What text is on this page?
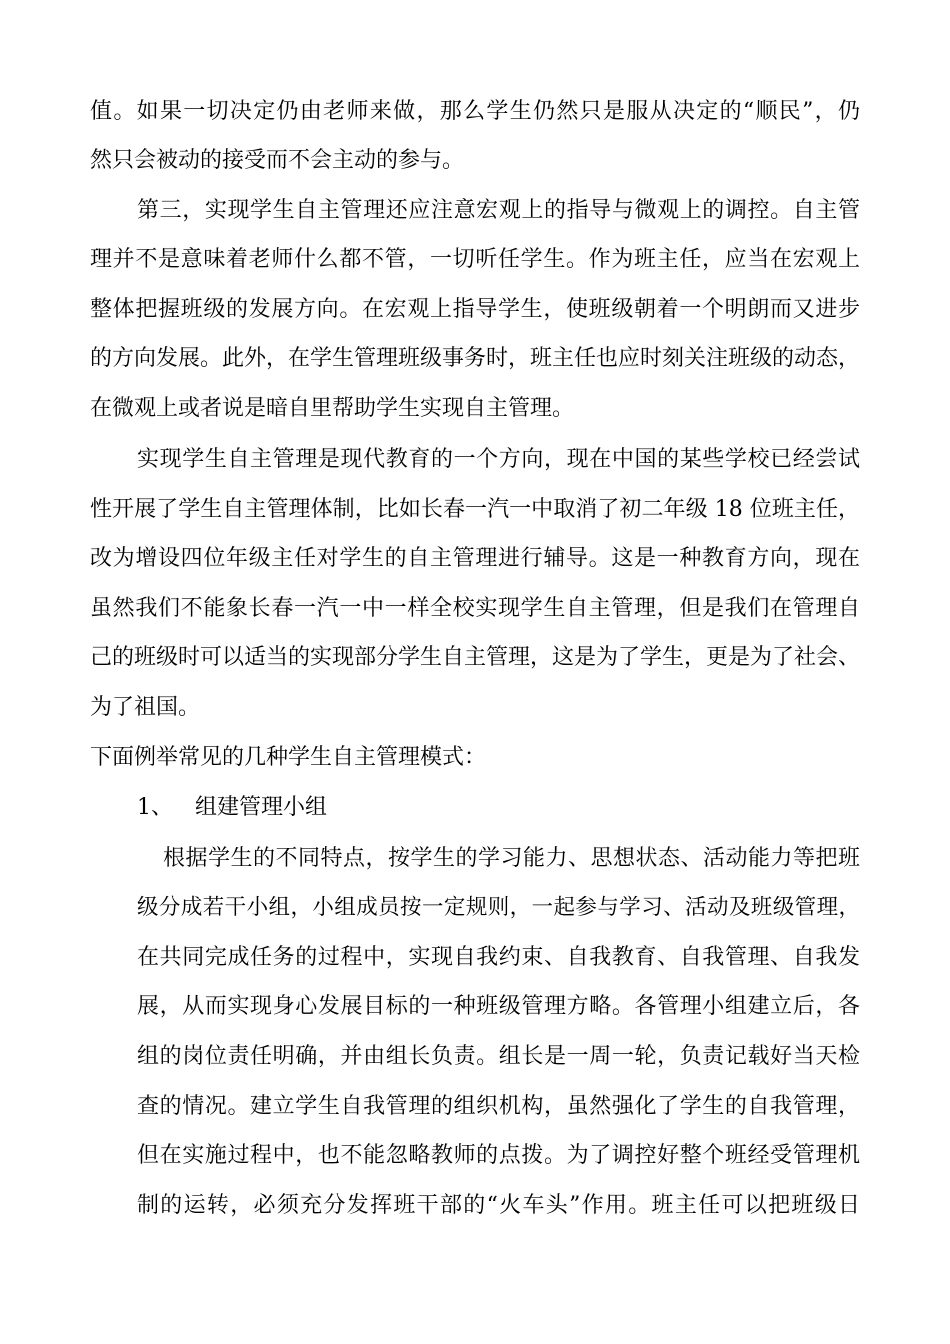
值。如果一切决定仍由老师来做，那么学生仍然只是服从决定的“顺民”，仍
然只会被动的接受而不会主动的参与。
第三，实现学生自主管理还应注意宏观上的指导与微观上的调控。自主管
理并不是意味着老师什么都不管，一切听任学生。作为班主任，应当在宏观上
整体把握班级的发展方向。在宏观上指导学生，使班级朝着一个明朗而又进步
的方向发展。此外，在学生管理班级事务时，班主任也应时刻关注班级的动态，
在微观上或者说是暗自里帮助学生实现自主管理。
实现学生自主管理是现代教育的一个方向，现在中国的某些学校已经尝试
性开展了学生自主管理体制，比如长春一汽一中取消了初二年级 18 位班主任，
改为增设四位年级主任对学生的自主管理进行辅导。这是一种教育方向，现在
虽然我们不能象长春一汽一中一样全校实现学生自主管理，但是我们在管理自
己的班级时可以适当的实现部分学生自主管理，这是为了学生，更是为了社会、
为了祖国。
下面例举常见的几种学生自主管理模式：
1、	组建管理小组
根据学生的不同特点，按学生的学习能力、思想状态、活动能力等把班
级分成若干小组，小组成员按一定规则，一起参与学习、活动及班级管理，
在共同完成任务的过程中，实现自我约束、自我教育、自我管理、自我发
展，从而实现身心发展目标的一种班级管理方略。各管理小组建立后，各
组的岗位责任明确，并由组长负责。组长是一周一轮，负责记载好当天检
查的情况。建立学生自我管理的组织机构，虽然强化了学生的自我管理，
但在实施过程中，也不能忽略教师的点拨。为了调控好整个班经受管理机
制的运转，必须充分发挥班干部的“火车头”作用。班主任可以把班级日
